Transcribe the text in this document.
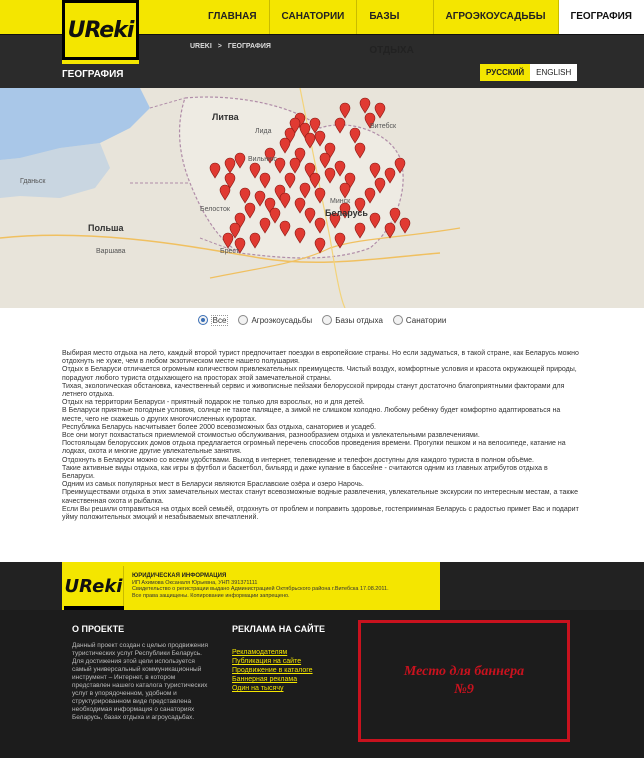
UReki
ГЛАВНАЯ	САНАТОРИИ	БАЗЫ ОТДЫХА
АГРОЭКОУСАДЬБЫ	ГЕОГРАФИЯ
UREKI > ГЕОГРАФИЯ
ГЕОГРАФИЯ	РУССКИЙ	ENGLISH
Литва
Польша
Беларусь
Вильнюс
Минск
Белосток
Брест
Витебск
Гданьск
Варшава
Лида
Все	Агроэкоусадьбы	Базы отдыха	Санатории

Выбирая место отдыха на лето, каждый второй турист предпочитает поездки в европейские страны. Но если задуматься, в такой стране, как Беларусь можно отдохнуть не хуже, чем в любом экзотическом месте нашего полушария.

Отдых в Беларуси отличается огромным количеством привлекательных преимуществ. Чистый воздух, комфортные условия и красота окружающей природы, порадуют любого туриста отдыхающего на просторах этой замечательной страны.

Тихая, экологическая обстановка, качественный сервис и живописные пейзажи белорусской природы станут достаточно благоприятными факторами для летнего отдыха.

Отдых на территории Беларуси - приятный подарок не только для взрослых, но и для детей.

В Беларуси приятные погодные условия, солнце не такое палящее, а зимой не слишком холодно. Любому ребёнку будет комфортно адаптироваться на месте, чего не скажешь о других многочисленных курортах.

Республика Беларусь насчитывает более 2000 всевозможных баз отдыха, санаториев и усадеб.

Все они могут похвастаться приемлемой стоимостью обслуживания, разнообразием отдыха и увлекательными развлечениями.

Постояльцам белорусских домов отдыха предлагается огромный перечень способов проведения времени. Прогулки пешком и на велосипеде, катание на лодках, охота и многие другие увлекательные занятия.

Отдохнуть в Беларуси можно со всеми удобствами. Выход в интернет, телевидение и телефон доступны для каждого туриста в полном объёме.

Такие активные виды отдыха, как игры в футбол и баскетбол, бильярд и даже купание в бассейне - считаются одним из главных атрибутов отдыха в Беларуси.

Одним из самых популярных мест в Беларуси являются Браславские озёра и озеро Нарочь.

Преимуществами отдыха в этих замечательных местах станут всевозможные водные развлечения, увлекательные экскурсии по интересным местам, а также качественная охота и рыбалка.

Если Вы решили отправиться на отдых всей семьёй, отдохнуть от проблем и поправить здоровье, гостеприимная Беларусь с радостью примет Вас и подарит уйму положительных эмоций и незабываемых впечатлений.

UReki ЮРИДИЧЕСКАЯ ИНФОРМАЦИЯ
ИП Ахимова Оксаналя Юрьевна, УНП 391371111
Свидетельство о регистрации выдано Администрацией Октябрьского района г.Витебска 17.08.2011.
Все права защищены. Копирование информации запрещено.
О ПРОЕКТЕ
Данный проект создан с целью продвижения туристических услуг Республики Беларусь. Для достижения этой цели используется самый универсальный коммуникационный инструмент – Интернет, в котором представлен нашего каталога туристических услуг в упорядоченном, удобном и структурированном виде представлена необходимая информация о санаториях Беларусь, базах отдыха и агроусадьбах.
РЕКЛАМА НА САЙТЕ
Рекламодателям
Публикация на сайте
Продвижение в каталоге
Баннерная реклама
Один на тысячу
Место для баннера
№9
